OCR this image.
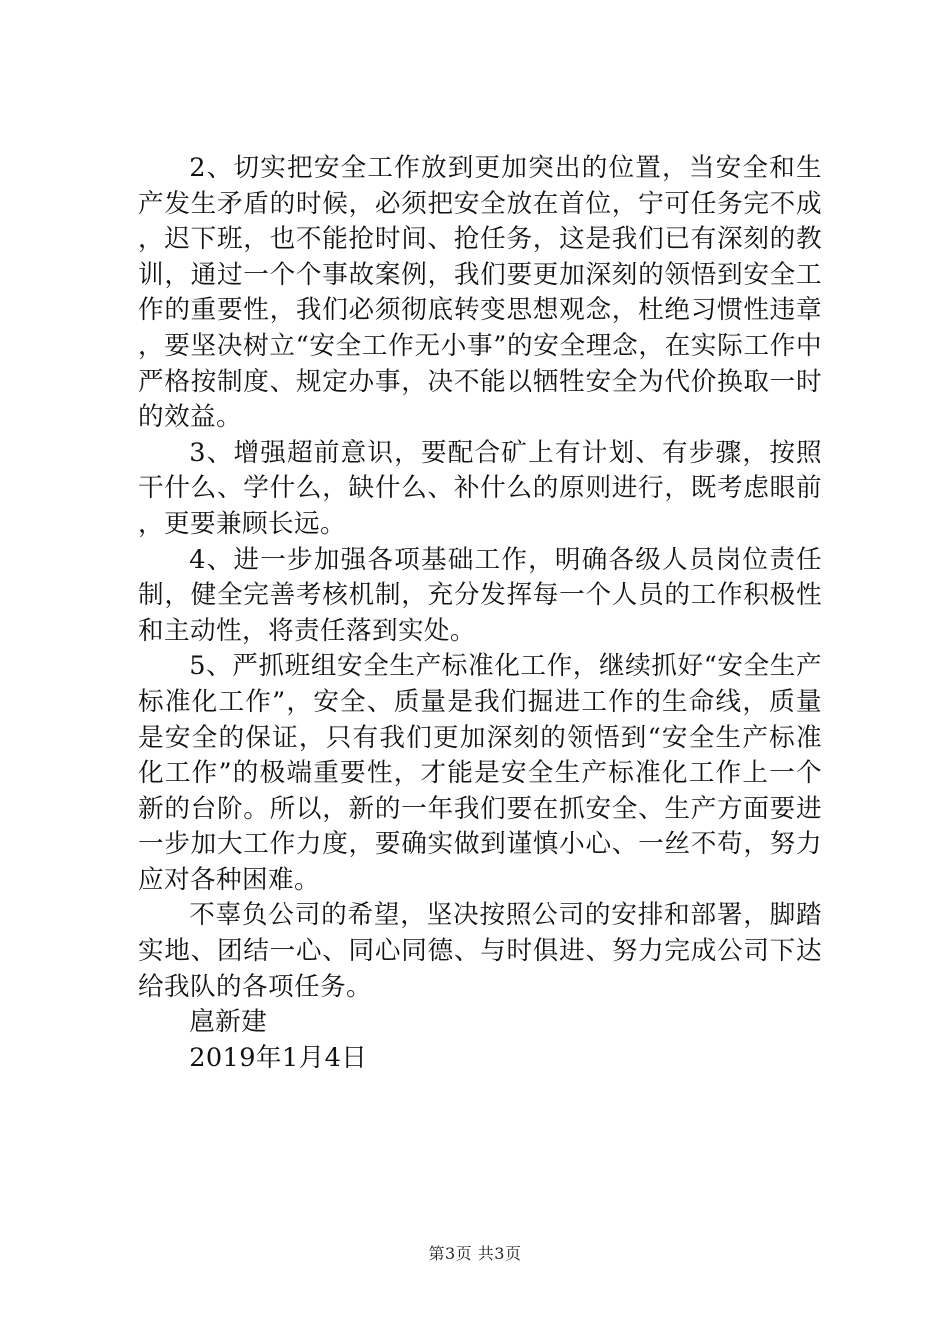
2、切实把安全工作放到更加突出的位置，当安全和生产发生矛盾的时候，必须把安全放在首位，宁可任务完不成，迟下班，也不能抢时间、抢任务，这是我们已有深刻的教训，通过一个个事故案例，我们要更加深刻的领悟到安全工作的重要性，我们必须彻底转变思想观念，杜绝习惯性违章，要坚决树立“安全工作无小事”的安全理念，在实际工作中严格按制度、规定办事，决不能以牺牲安全为代价换取一时的效益。

3、增强超前意识，要配合矿上有计划、有步骤，按照干什么、学什么，缺什么、补什么的原则进行，既考虑眼前，更要兼顾长远。

4、进一步加强各项基础工作，明确各级人员岗位责任制，健全完善考核机制，充分发挥每一个人员的工作积极性和主动性，将责任落到实处。

5、严抓班组安全生产标准化工作，继续抓好“安全生产标准化工作”，安全、质量是我们掘进工作的生命线，质量是安全的保证，只有我们更加深刻的领悟到“安全生产标准化工作”的极端重要性，才能是安全生产标准化工作上一个新的台阶。所以，新的一年我们要在抓安全、生产方面要进一步加大工作力度，要确实做到谨慎小心、一丝不苟，努力应对各种困难。

不辜负公司的希望，坚决按照公司的安排和部署，脚踏实地、团结一心、同心同德、与时俱进、努力完成公司下达给我队的各项任务。

扈新建

2019年1月4日

第3页 共3页
